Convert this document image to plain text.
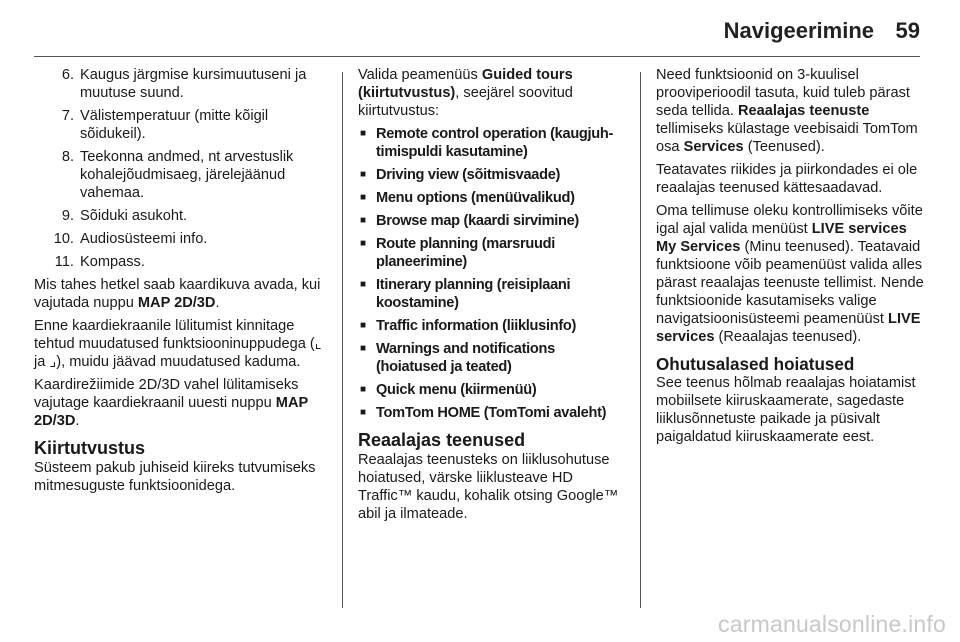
Navigeerimine 59
6. Kaugus järgmise kursimuutuseni ja muutuse suund.
7. Välistemperatuur (mitte kõigil sõidukeil).
8. Teekonna andmed, nt arvestuslik kohalejõudmisaeg, järelejäänud vahemaa.
9. Sõiduki asukoht.
10. Audiosüsteemi info.
11. Kompass.

Mis tahes hetkel saab kaardikuva avada, kui vajutada nuppu MAP 2D/3D.

Enne kaardiekraanile lülitumist kinnitage tehtud muudatused funktsiooninuppudega (⌞ ja ⌟), muidu jäävad muudatused kaduma.

Kaardirežiimide 2D/3D vahel lülitamiseks vajutage kaardiekraanil uuesti nuppu MAP 2D/3D.

Kiirtutvustus

Süsteem pakub juhiseid kiireks tutvumiseks mitmesuguste funktsioonidega.

Valida peamenüüs Guided tours (kiirtutvustus), seejärel soovitud kiirtutvustus:

■ Remote control operation (kaugjuh-timispuldi kasutamine)
■ Driving view (sõitmisvaade)
■ Menu options (menüüvalikud)
■ Browse map (kaardi sirvimine)
■ Route planning (marsruudi planeerimine)
■ Itinerary planning (reisiplaani koostamine)
■ Traffic information (liiklusinfo)
■ Warnings and notifications (hoiatused ja teated)
■ Quick menu (kiirmenüü)
■ TomTom HOME (TomTomi avaleht)
Reaalajas teenused

Reaalajas teenusteks on liiklusohutuse hoiatused, värske liiklusteave HD Traffic™ kaudu, kohalik otsing Google™ abil ja ilmateade.

Need funktsioonid on 3-kuulisel prooviperioodil tasuta, kuid tuleb pärast seda tellida. Reaalajas teenuste tellimiseks külastage veebisaidi TomTom osa Services (Teenused).

Teatavates riikides ja piirkondades ei ole reaalajas teenused kättesaadavad.

Oma tellimuse oleku kontrollimiseks võite igal ajal valida menüüst LIVE services My Services (Minu teenused). Teatavaid funktsioone võib peamenüüst valida alles pärast reaalajas teenuste tellimist. Nende funktsioonide kasutamiseks valige navigatsioonisüsteemi peamenüüst LIVE services (Reaalajas teenused).

Ohutusalased hoiatused

See teenus hõlmab reaalajas hoiatamist mobiilsete kiiruskaamerate, sagedaste liiklusõnnetuste paikade ja püsivalt paigaldatud kiiruskaamerate eest.

carmanualsonline.info
